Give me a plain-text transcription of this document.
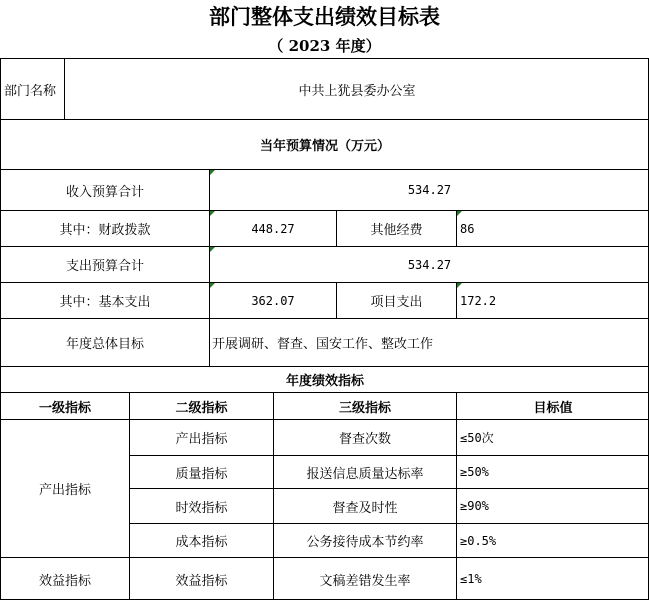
部门整体支出绩效目标表
（ 2023 年度）
部门名称	中共上犹县委办公室
当年预算情况（万元）
收入预算合计	534.27
其中：财政拨款	448.27	其他经费	86
支出预算合计	534.27
其中：基本支出	362.07	项目支出	172.2
年度总体目标	开展调研、督查、国安工作、整改工作
年度绩效指标
一级指标	二级指标	三级指标	目标值
产出指标
产出指标	督查次数	≤50次
质量指标	报送信息质量达标率	≥50%
时效指标	督查及时性	≥90%
成本指标	公务接待成本节约率	≥0.5%
效益指标	效益指标	文稿差错发生率	≤1%
